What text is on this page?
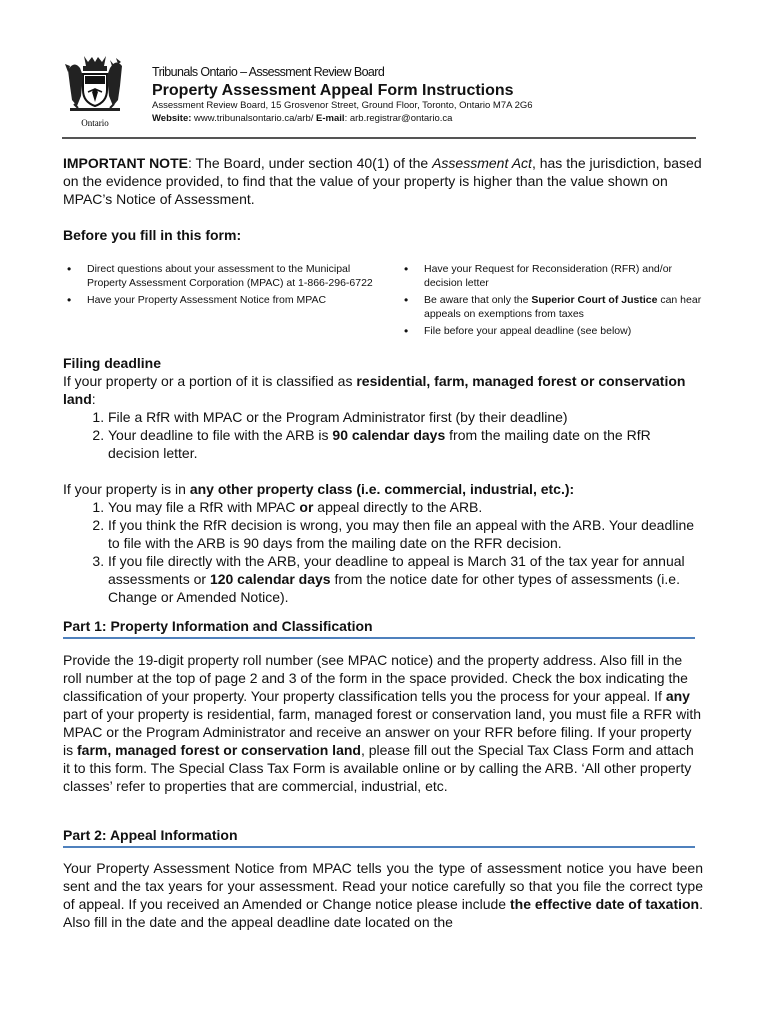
Ontario
Tribunals Ontario – Assessment Review Board
Property Assessment Appeal Form Instructions
Assessment Review Board, 15 Grosvenor Street, Ground Floor, Toronto, Ontario M7A 2G6
Website: www.tribunalsontario.ca/arb/ E-mail: arb.registrar@ontario.ca
IMPORTANT NOTE: The Board, under section 40(1) of the Assessment Act, has the jurisdiction, based on the evidence provided, to find that the value of your property is higher than the value shown on MPAC’s Notice of Assessment.
Before you fill in this form:
• Direct questions about your assessment to the Municipal Property Assessment Corporation (MPAC) at 1-866-296-6722
• Have your Property Assessment Notice from MPAC
• Have your Request for Reconsideration (RFR) and/or decision letter
• Be aware that only the Superior Court of Justice can hear appeals on exemptions from taxes
• File before your appeal deadline (see below)
Filing deadline
If your property or a portion of it is classified as residential, farm, managed forest or conservation land:
1. File a RfR with MPAC or the Program Administrator first (by their deadline)
2. Your deadline to file with the ARB is 90 calendar days from the mailing date on the RfR decision letter.
If your property is in any other property class (i.e. commercial, industrial, etc.):
1. You may file a RfR with MPAC or appeal directly to the ARB.
2. If you think the RfR decision is wrong, you may then file an appeal with the ARB. Your deadline to file with the ARB is 90 days from the mailing date on the RFR decision.
3. If you file directly with the ARB, your deadline to appeal is March 31 of the tax year for annual assessments or 120 calendar days from the notice date for other types of assessments (i.e. Change or Amended Notice).
Part 1: Property Information and Classification
Provide the 19-digit property roll number (see MPAC notice) and the property address. Also fill in the roll number at the top of page 2 and 3 of the form in the space provided. Check the box indicating the classification of your property. Your property classification tells you the process for your appeal. If any part of your property is residential, farm, managed forest or conservation land, you must file a RFR with MPAC or the Program Administrator and receive an answer on your RFR before filing. If your property is farm, managed forest or conservation land, please fill out the Special Tax Class Form and attach it to this form. The Special Class Tax Form is available online or by calling the ARB. ‘All other property classes’ refer to properties that are commercial, industrial, etc.
Part 2: Appeal Information
Your Property Assessment Notice from MPAC tells you the type of assessment notice you have been sent and the tax years for your assessment. Read your notice carefully so that you file the correct type of appeal. If you received an Amended or Change notice please include the effective date of taxation. Also fill in the date and the appeal deadline date located on the
